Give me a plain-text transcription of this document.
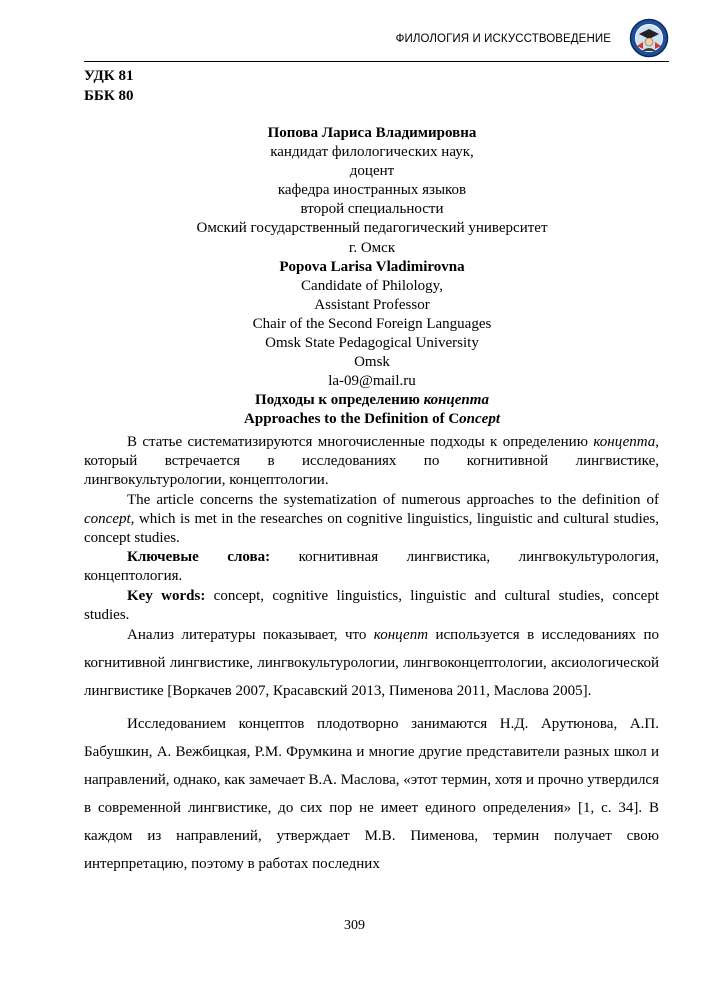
ФИЛОЛОГИЯ И ИСКУССТВОВЕДЕНИЕ
УДК 81
ББК 80
Попова Лариса Владимировна
кандидат филологических наук,
доцент
кафедра иностранных языков
второй специальности
Омский государственный педагогический университет
г. Омск
Popova Larisa Vladimirovna
Candidate of Philology,
Assistant Professor
Chair of the Second Foreign Languages
Omsk State Pedagogical University
Omsk
la-09@mail.ru
Подходы к определению концепта
Approaches to the Definition of Concept

В статье систематизируются многочисленные подходы к определению концепта, который встречается в исследованиях по когнитивной лингвистике, лингвокультурологии, концептологии.

The article concerns the systematization of numerous approaches to the definition of concept, which is met in the researches on cognitive linguistics, linguistic and cultural studies, concept studies.

Ключевые слова: когнитивная лингвистика, лингвокультурология, концептология.

Key words: concept, cognitive linguistics, linguistic and cultural studies, concept studies.

Анализ литературы показывает, что концепт используется в исследованиях по когнитивной лингвистике, лингвокультурологии, лингвоконцептологии, аксиологической лингвистике [Воркачев 2007, Красавский 2013, Пименова 2011, Маслова 2005].

Исследованием концептов плодотворно занимаются Н.Д. Арутюнова, А.П. Бабушкин, А. Вежбицкая, Р.М. Фрумкина и многие другие представители разных школ и направлений, однако, как замечает В.А. Маслова, «этот термин, хотя и прочно утвердился в современной лингвистике, до сих пор не имеет единого определения» [1, с. 34]. В каждом из направлений, утверждает М.В. Пименова, термин получает свою интерпретацию, поэтому в работах последних

309
